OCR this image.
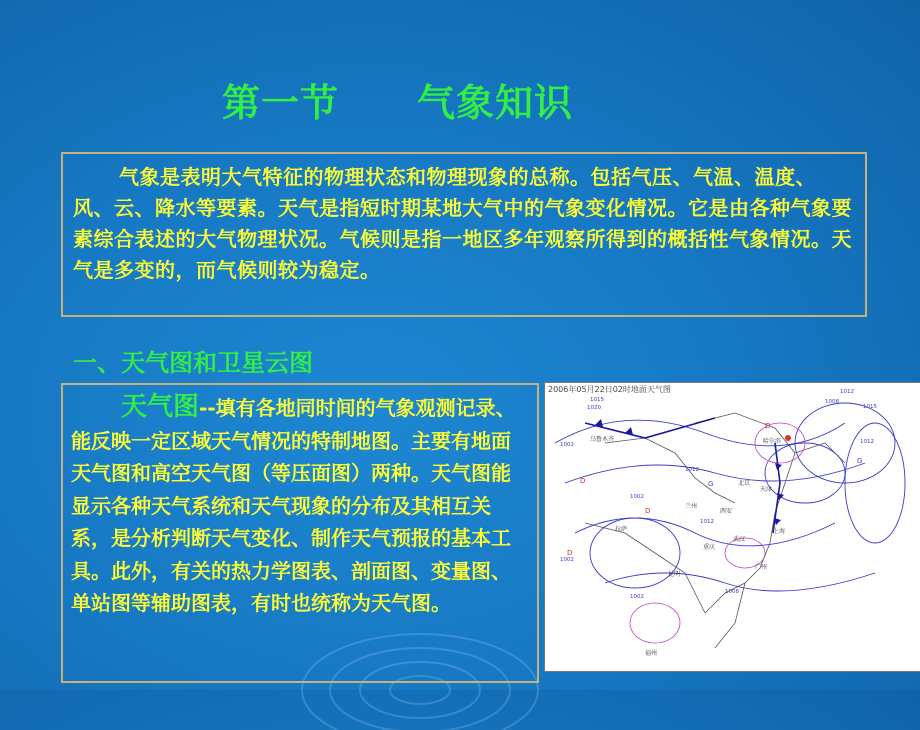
第一节　　气象知识
气象是表明大气特征的物理状态和物理现象的总称。包括气压、气温、温度、风、云、降水等要素。天气是指短时期某地大气中的气象变化情况。它是由各种气象要素综合表述的大气物理状况。气候则是指一地区多年观察所得到的概括性气象情况。天气是多变的，而气候则较为稳定。
一、天气图和卫星云图
天气图--填有各地同时间的气象观测记录、能反映一定区域天气情况的特制地图。主要有地面天气图和高空天气图（等压面图）两种。天气图能显示各种天气系统和天气现象的分布及其相互关系，是分析判断天气变化、制作天气预报的基本工具。此外，有关的热力学图表、剖面图、变量图、单站图等辅助图表，有时也统称为天气图。
乌鲁木齐
北京
天津
哈尔滨
西安
兰州
上海
武汉
重庆
昆明
广州
拉萨
福州
1002
1002
1012
1002
1012
1008
1012
1015
1012
1002
1015
1020
1008
D
D
D
G
G
D
2006年05月22日02时地面天气图
